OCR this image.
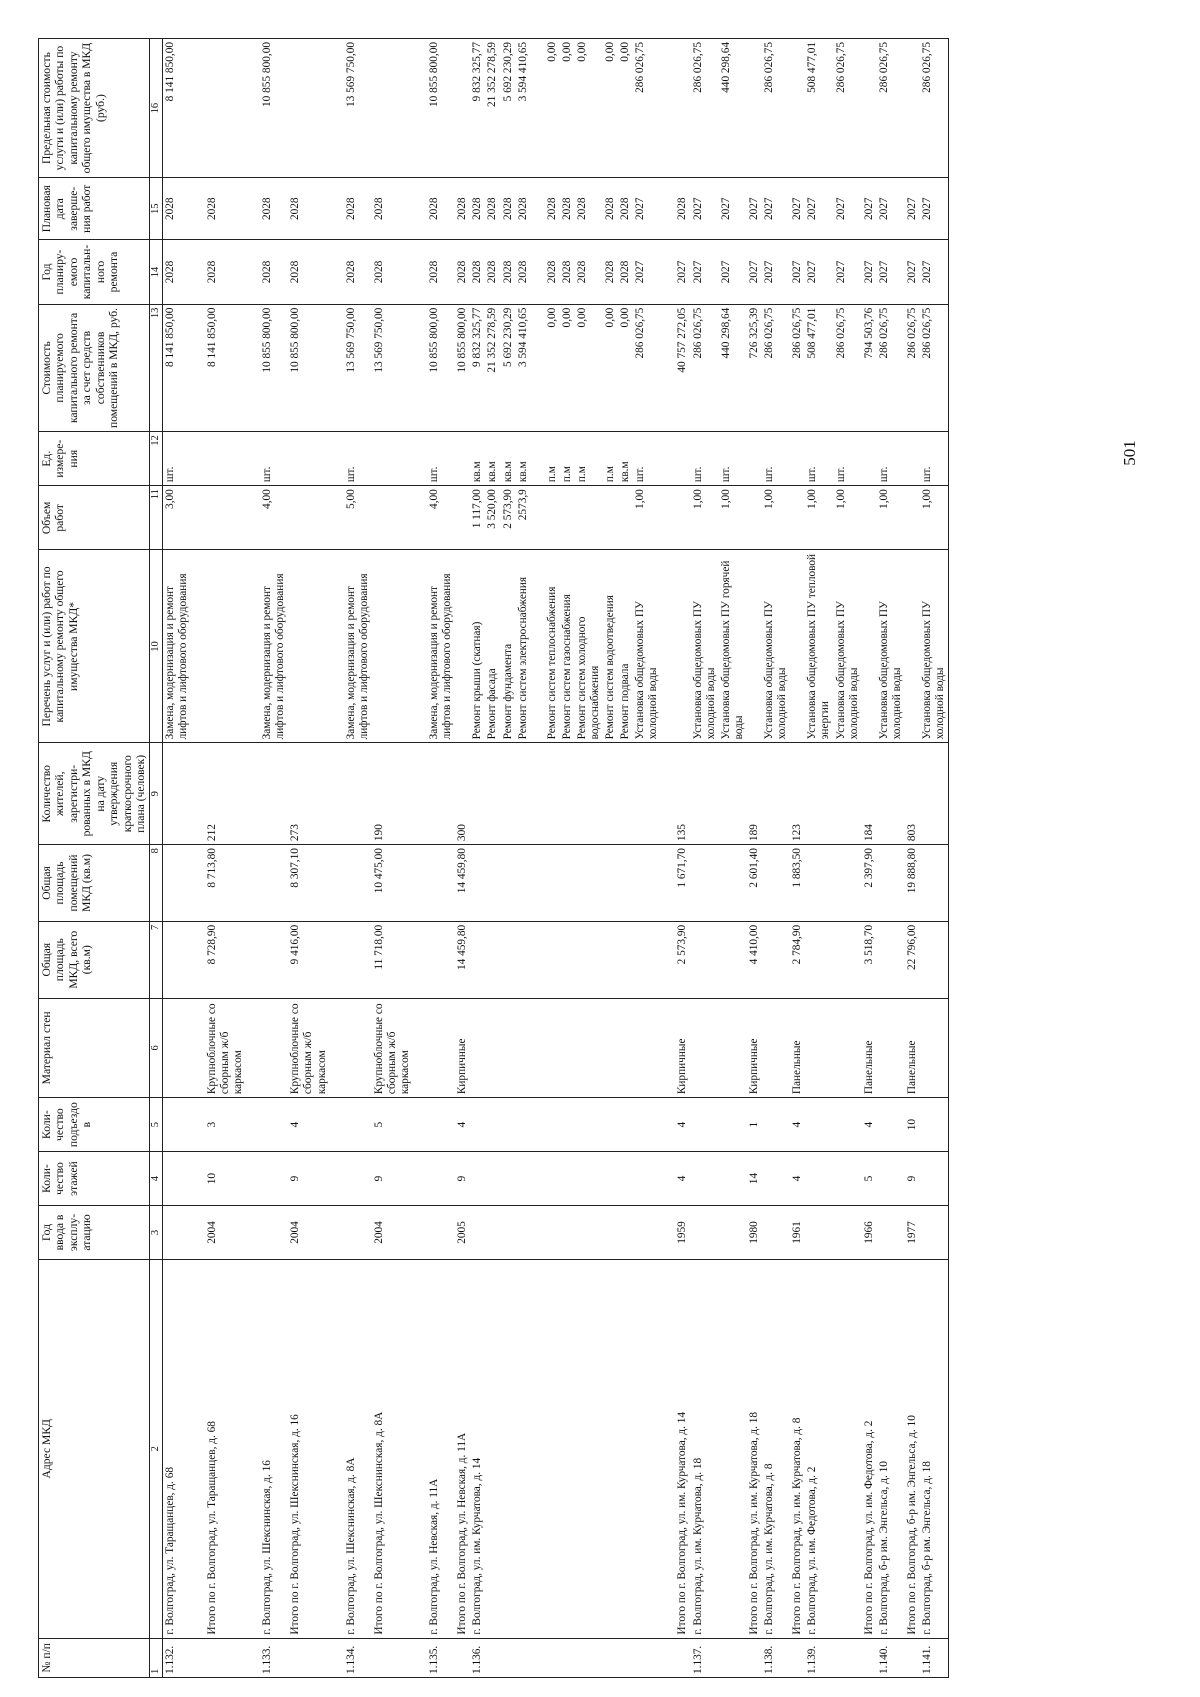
501
№ п/п	Адрес МКД	Год ввода в эксплу-атацию	Коли-чество этажей	Коли-чество подъездо в	Материал стен	Общая площадь МКД, всего (кв.м)	Общая площадь помещений МКД (кв.м)	Количество жителей, зарегистри-рованных в МКД на дату утверждения краткосрочного плана (человек)	Перечень услуг и (или) работ по капитальному ремонту общего имущества МКД*	Объем работ	Ед. измере-ния	Стоимость планируемого капитального ремонта за счет средств собственников помещений в МКД, руб.	Год планиру-емого капитальн-ного ремонта	Плановая дата заверше-ния работ	Предельная стоимость услуги и (или) работы по капитальному ремонту общего имущества в МКД (руб.)
1	2	3	4	5	6	7	8	9	10	11	12	13	14	15	16
1.132.	г. Волгоград, ул. Таращанцев, д. 68								Замена, модернизация и ремонт лифтов и лифтового оборудования	3,00	шт.	8 141 850,00	2028	2028	8 141 850,00

	Итого по г. Волгоград, ул. Таращанцев, д. 68	2004	10	3	Крупноблочные со сборным ж/б каркасом	8 728,90	8 713,80	212				8 141 850,00	2028	2028	

1.133.	г. Волгоград, ул. Шекснинская, д. 16								Замена, модернизация и ремонт лифтов и лифтового оборудования	4,00	шт.	10 855 800,00	2028	2028	10 855 800,00
	Итого по г. Волгоград, ул. Шекснинская, д. 16	2004	9	4	Крупноблочные со сборным ж/б каркасом	9 416,00	8 307,10	273				10 855 800,00	2028	2028	

1.134.	г. Волгоград, ул. Шекснинская, д. 8А								Замена, модернизация и ремонт лифтов и лифтового оборудования	5,00	шт.	13 569 750,00	2028	2028	13 569 750,00
	Итого по г. Волгоград, ул. Шекснинская, д. 8А	2004	9	5	Крупноблочные со сборным ж/б каркасом	11 718,00	10 475,00	190				13 569 750,00	2028	2028	

1.135.	г. Волгоград, ул. Невская, д. 11А								Замена, модернизация и ремонт лифтов и лифтового оборудования	4,00	шт.	10 855 800,00	2028	2028	10 855 800,00
	Итого по г. Волгоград, ул. Невская, д. 11А	2005	9	4	Кирпичные	14 459,80	14 459,80	300				10 855 800,00	2028	2028	
1.136.	г. Волгоград, ул. им. Курчатова, д. 14								Ремонт крыши (скатная)	1 117,00	кв.м	9 832 325,77	2028	2028	9 832 325,77
									Ремонт фасада	3 520,00	кв.м	21 352 278,59	2028	2028	21 352 278,59
									Ремонт фундамента	2 573,90	кв.м	5 692 230,29	2028	2028	5 692 230,29
									Ремонт систем электроснабжения	2573,9	кв.м	3 594 410,65	2028	2028	3 594 410,65

									Ремонт систем теплоснабжения		п.м	0,00	2028	2028	0,00
									Ремонт систем газоснабжения		п.м	0,00	2028	2028	0,00
									Ремонт систем холодного водоснабжения		п.м	0,00	2028	2028	0,00
									Ремонт систем водоотведения		п.м	0,00	2028	2028	0,00
									Ремонт подвала		кв.м	0,00	2028	2028	0,00
									Установка общедомовых ПУ холодной воды	1,00	шт.	286 026,75	2027	2027	286 026,75

	Итого по г. Волгоград, ул. им. Курчатова, д. 14	1959	4	4	Кирпичные	2 573,90	1 671,70	135				40 757 272,05	2027	2028	
1.137.	г. Волгоград, ул. им. Курчатова, д. 18								Установка общедомовых ПУ холодной воды	1,00	шт.	286 026,75	2027	2027	286 026,75
									Установка общедомовых ПУ горячей воды	1,00	шт.	440 298,64	2027	2027	440 298,64
	Итого по г. Волгоград, ул. им. Курчатова, д. 18	1980	14	1	Кирпичные	4 410,00	2 601,40	189				726 325,39	2027	2027	
1.138.	г. Волгоград, ул. им. Курчатова, д. 8								Установка общедомовых ПУ холодной воды	1,00	шт.	286 026,75	2027	2027	286 026,75
	Итого по г. Волгоград, ул. им. Курчатова, д. 8	1961	4	4	Панельные	2 784,90	1 883,50	123				286 026,75	2027	2027	
1.139.	г. Волгоград, ул. им. Федотова, д. 2								Установка общедомовых ПУ тепловой энергии	1,00	шт.	508 477,01	2027	2027	508 477,01
									Установка общедомовых ПУ холодной воды	1,00	шт.	286 026,75	2027	2027	286 026,75
	Итого по г. Волгоград, ул. им. Федотова, д. 2	1966	5	4	Панельные	3 518,70	2 397,90	184				794 503,76	2027	2027	
1.140.	г. Волгоград, б-р им. Энгельса, д. 10								Установка общедомовых ПУ холодной воды	1,00	шт.	286 026,75	2027	2027	286 026,75
	Итого по г. Волгоград, б-р им. Энгельса, д. 10	1977	9	10	Панельные	22 796,00	19 888,80	803				286 026,75	2027	2027	
1.141.	г. Волгоград, б-р им. Энгельса, д. 18								Установка общедомовых ПУ холодной воды	1,00	шт.	286 026,75	2027	2027	286 026,75
